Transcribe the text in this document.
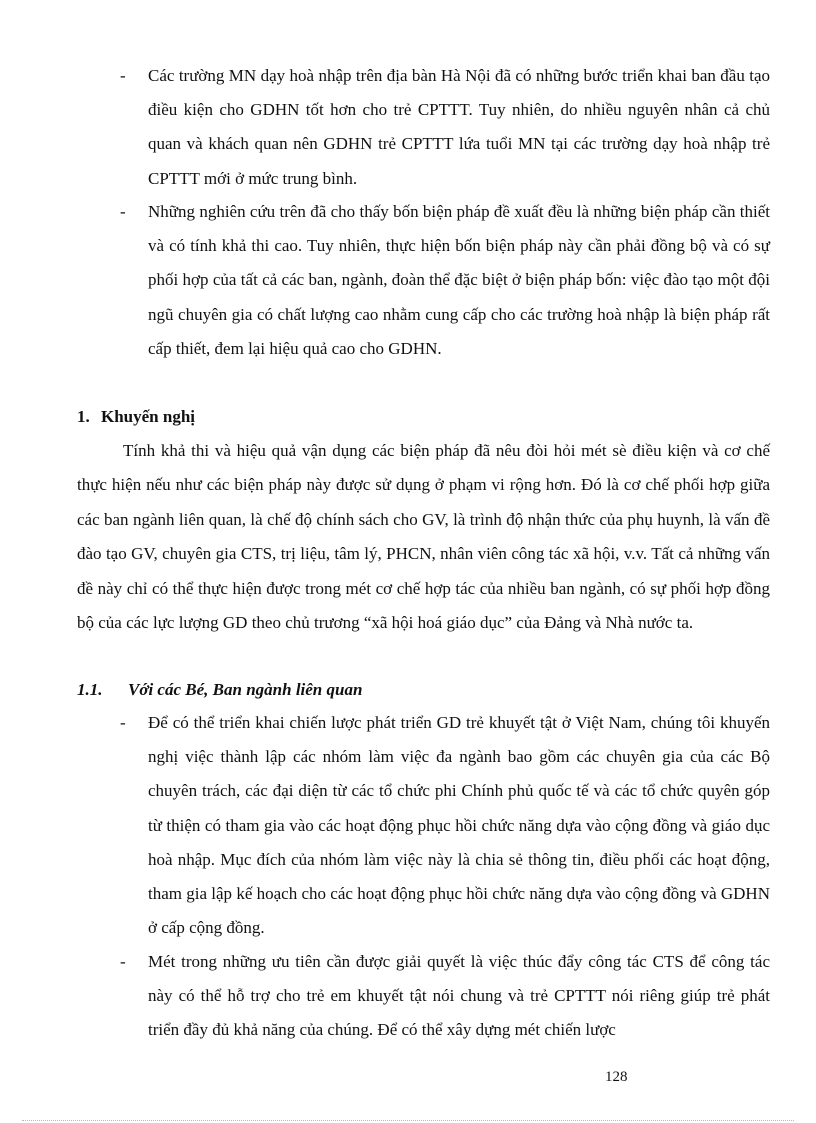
- Các trường MN dạy hoà nhập trên địa bàn Hà Nội đã có những bước triển khai ban đầu tạo điều kiện cho GDHN tốt hơn cho trẻ CPTTT. Tuy nhiên, do nhiều nguyên nhân cả chủ quan và khách quan nên GDHN trẻ CPTTT lứa tuổi MN tại các trường dạy hoà nhập trẻ CPTTT mới ở mức trung bình.
- Những nghiên cứu trên đã cho thấy bốn biện pháp đề xuất đều là những biện pháp cần thiết và có tính khả thi cao. Tuy nhiên, thực hiện bốn biện pháp này cần phải đồng bộ và có sự phối hợp của tất cả các ban, ngành, đoàn thể đặc biệt ở biện pháp bốn: việc đào tạo một đội ngũ chuyên gia có chất lượng cao nhằm cung cấp cho các trường hoà nhập là biện pháp rất cấp thiết, đem lại hiệu quả cao cho GDHN.
1. Khuyến nghị
Tính khả thi và hiệu quả vận dụng các biện pháp đã nêu đòi hỏi mét sè điều kiện và cơ chế thực hiện nếu như các biện pháp này được sử dụng ở phạm vi rộng hơn. Đó là cơ chế phối hợp giữa các ban ngành liên quan, là chế độ chính sách cho GV, là trình độ nhận thức của phụ huynh, là vấn đề đào tạo GV, chuyên gia CTS, trị liệu, tâm lý, PHCN, nhân viên công tác xã hội, v.v. Tất cả những vấn đề này chỉ có thể thực hiện được trong mét cơ chế hợp tác của nhiều ban ngành, có sự phối hợp đồng bộ của các lực lượng GD theo chủ trương “xã hội hoá giáo dục” của Đảng và Nhà nước ta.
1.1. Với các Bé, Ban ngành liên quan
- Để có thể triển khai chiến lược phát triển GD trẻ khuyết tật ở Việt Nam, chúng tôi khuyến nghị việc thành lập các nhóm làm việc đa ngành bao gồm các chuyên gia của các Bộ chuyên trách, các đại diện từ các tổ chức phi Chính phủ quốc tế và các tổ chức quyên góp từ thiện có tham gia vào các hoạt động phục hồi chức năng dựa vào cộng đồng và giáo dục hoà nhập. Mục đích của nhóm làm việc này là chia sẻ thông tin, điều phối các hoạt động, tham gia lập kế hoạch cho các hoạt động phục hồi chức năng dựa vào cộng đồng và GDHN ở cấp cộng đồng.
- Mét trong những ưu tiên cần được giải quyết là việc thúc đẩy công tác CTS để công tác này có thể hỗ trợ cho trẻ em khuyết tật nói chung và trẻ CPTTT nói riêng giúp trẻ phát triển đầy đủ khả năng của chúng. Để có thể xây dựng mét chiến lược
128
